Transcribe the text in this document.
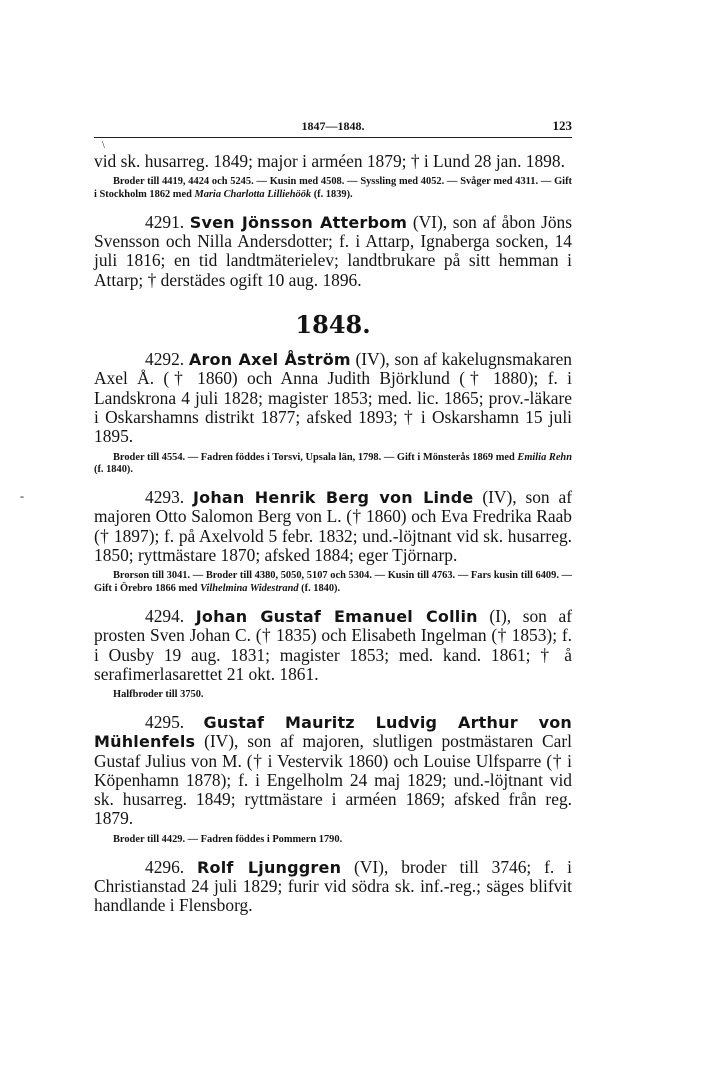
1847—1848.	123
\
-

vid sk. husarreg. 1849; major i arméen 1879; † i Lund 28 jan. 1898.

Broder till 4419, 4424 och 5245. — Kusin med 4508. — Syssling med 4052. — Svåger med 4311. — Gift i Stockholm 1862 med Maria Charlotta Lilliehöök (f. 1839).

4291. Sven Jönsson Atterbom (VI), son af åbon Jöns Svensson och Nilla Andersdotter; f. i Attarp, Ignaberga socken, 14 juli 1816; en tid landtmäterielev; landtbrukare på sitt hemman i Attarp; † derstädes ogift 10 aug. 1896.

1848.

4292. Aron Axel Åström (IV), son af kakelugnsmakaren Axel Å. († 1860) och Anna Judith Björklund († 1880); f. i Landskrona 4 juli 1828; magister 1853; med. lic. 1865; prov.-läkare i Oskarshamns distrikt 1877; afsked 1893; † i Oskarshamn 15 juli 1895.

Broder till 4554. — Fadren föddes i Torsvi, Upsala län, 1798. — Gift i Mönsterås 1869 med Emilia Rehn (f. 1840).

4293. Johan Henrik Berg von Linde (IV), son af majoren Otto Salomon Berg von L. († 1860) och Eva Fredrika Raab († 1897); f. på Axelvold 5 febr. 1832; und.-löjtnant vid sk. husarreg. 1850; ryttmästare 1870; afsked 1884; eger Tjörnarp.

Brorson till 3041. — Broder till 4380, 5050, 5107 och 5304. — Kusin till 4763. — Fars kusin till 6409. — Gift i Örebro 1866 med Vilhelmina Widestrand (f. 1840).

4294. Johan Gustaf Emanuel Collin (I), son af prosten Sven Johan C. († 1835) och Elisabeth Ingelman († 1853); f. i Ousby 19 aug. 1831; magister 1853; med. kand. 1861; † å serafimerlasarettet 21 okt. 1861.

Halfbroder till 3750.

4295. Gustaf Mauritz Ludvig Arthur von Mühlenfels (IV), son af majoren, slutligen postmästaren Carl Gustaf Julius von M. († i Vestervik 1860) och Louise Ulfsparre († i Köpenhamn 1878); f. i Engelholm 24 maj 1829; und.-löjtnant vid sk. husarreg. 1849; ryttmästare i arméen 1869; afsked från reg. 1879.

Broder till 4429. — Fadren föddes i Pommern 1790.

4296. Rolf Ljunggren (VI), broder till 3746; f. i Christianstad 24 juli 1829; furir vid södra sk. inf.-reg.; säges blifvit handlande i Flensborg.
